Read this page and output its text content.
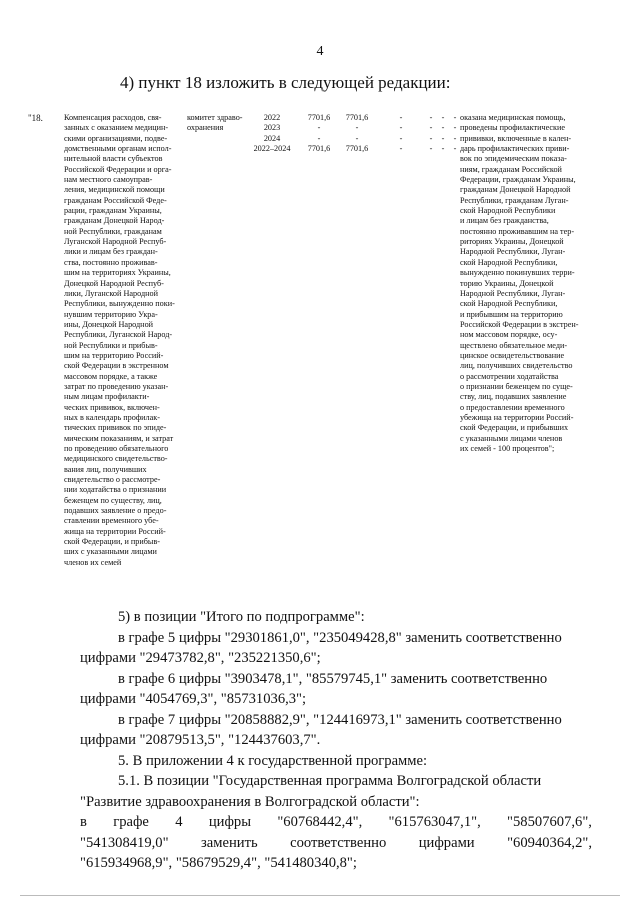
4
4) пункт 18 изложить в следующей редакции:
"18.	Компенсация расходов, свя-
занных с оказанием медицин-
скими организациями, подве-
домственными органам испол-
нительной власти субъектов
Российской Федерации и орга-
нам местного самоуправ-
ления, медицинской помощи
гражданам Российской Феде-
рации, гражданам Украины,
гражданам Донецкой Народ-
ной Республики, гражданам
Луганской Народной Респуб-
лики и лицам без граждан-
ства, постоянно проживав-
шим на территориях Украины,
Донецкой Народной Респуб-
лики, Луганской Народной
Республики, вынужденно поки-
нувшим территорию Укра-
ины, Донецкой Народной
Республики, Луганской Народ-
ной Республики и прибыв-
шим на территорию Россий-
ской Федерации в экстренном
массовом порядке, а также
затрат по проведению указан-
ным лицам профилакти-
ческих прививок, включен-
ных в календарь профилак-
тических прививок по эпиде-
мическим показаниям, и затрат
по проведению обязательного
медицинского свидетельство-
вания лиц, получивших
свидетельство о рассмотре-
нии ходатайства о признании
беженцем по существу, лиц,
подавших заявление о предо-
ставлении временного убе-
жища на территории Россий-
ской Федерации, и прибыв-
ших с указанными лицами
членов их семей
комитет здраво-
охранения
2022
2023
2024
2022–2024
7701,6
-
-
7701,6
7701,6
-
-
7701,6
-
-
-
-
-
-
-
-
-
-
-
-
-
-
-
-
оказана медицинская помощь,
проведены профилактические
прививки, включенные в кален-
дарь профилактических приви-
вок по эпидемическим показа-
ниям, гражданам Российской
Федерации, гражданам Украины,
гражданам Донецкой Народной
Республики, гражданам Луган-
ской Народной Республики
и лицам без гражданства,
постоянно проживавшим на тер-
риториях Украины, Донецкой
Народной Республики, Луган-
ской Народной Республики,
вынужденно покинувших терри-
торию Украины, Донецкой
Народной Республики, Луган-
ской Народной Республики,
и прибывшим на территорию
Российской Федерации в экстрен-
ном массовом порядке, осу-
ществлено обязательное меди-
цинское освидетельствование
лиц, получивших свидетельство
о рассмотрении ходатайства
о признании беженцем по суще-
ству, лиц, подавших заявление
о предоставлении временного
убежища на территории Россий-
ской Федерации, и прибывших
с указанными лицами членов
их семей - 100 процентов";
5) в позиции "Итого по подпрограмме":
в графе 5 цифры "29301861,0", "235049428,8" заменить соответственно
цифрами "29473782,8", "235221350,6";
в графе 6 цифры "3903478,1", "85579745,1" заменить соответственно
цифрами "4054769,3", "85731036,3";
в графе 7 цифры "20858882,9", "124416973,1" заменить соответственно
цифрами "20879513,5", "124437603,7".
5. В приложении 4 к государственной программе:
5.1. В позиции "Государственная программа Волгоградской области
"Развитие здравоохранения в Волгоградской области":
в графе 4 цифры "60768442,4", "615763047,1", "58507607,6",
"541308419,0" заменить соответственно цифрами "60940364,2",
"615934968,9", "58679529,4", "541480340,8";
